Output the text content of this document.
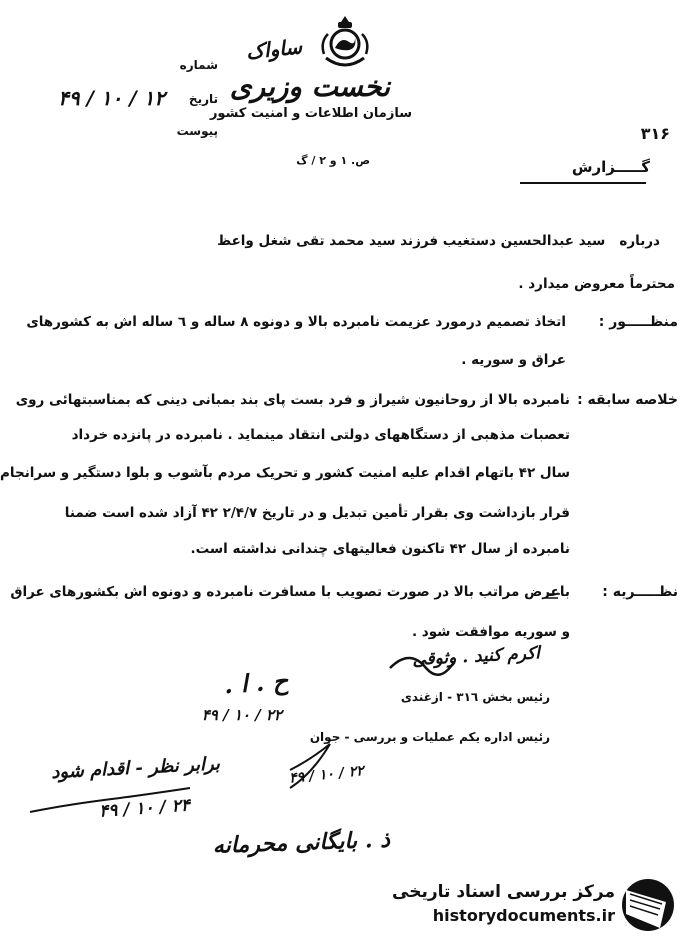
ساواک
نخست وزیری
سازمان اطلاعات و امنیت کشور
ص. ۱ و ۲ / گ
شماره
تاریخ
۱۲ / ۱۰ / ۴۹
پیوست	۳۱۶
گـــــزارش
درباره   سید عبدالحسین دستغیب فرزند سید محمد تقی شغل واعظ
محترماً معروض میدارد .
منظـــــور :
اتخاذ تصمیم درمورد عزیمت نامبرده بالا و دونوه ۸ ساله و ٦ ساله اش به کشورهای
عراق و سوریه .
خلاصه سابقه :
نامبرده بالا از روحانیون شیراز و فرد بست پای بند بمبانی دینی که بمناسبتهائی روی
تعصبات مذهبی از دستگاههای دولتی انتقاد مینماید . نامبرده در پانزده خرداد
سال ۴۲ باتهام اقدام علیه امنیت کشور و تحریک مردم بآشوب و بلوا دستگیر و سرانجام
قرار بازداشت وی بقرار تأمین تبدیل و در تاریخ ۲/۴/۷ ۴۲ آزاد شده است ضمنا
نامبرده از سال ۴۲ تاکنون فعالیتهای چندانی نداشته است.
نظـــــریه :
باعرض مراتب بالا در صورت تصویب با مسافرت نامبرده و دونوه اش بکشورهای عراق
و سوریه موافقت شود .
اکرم کنید . وثوقی
رئیس بخش ۳۱٦ - ازغندی
ح . ا .
۲۲ / ۱۰ / ۴۹
رئیس اداره یکم عملیات و بررسی - جوان
۲۲ / ۱۰ / ۴۹
برابر نظر - اقدام شود
۲۴ / ۱۰ / ۴۹
ذ . بایگانی محرمانه
مرکز بررسی اسناد تاریخی
historydocuments.ir
